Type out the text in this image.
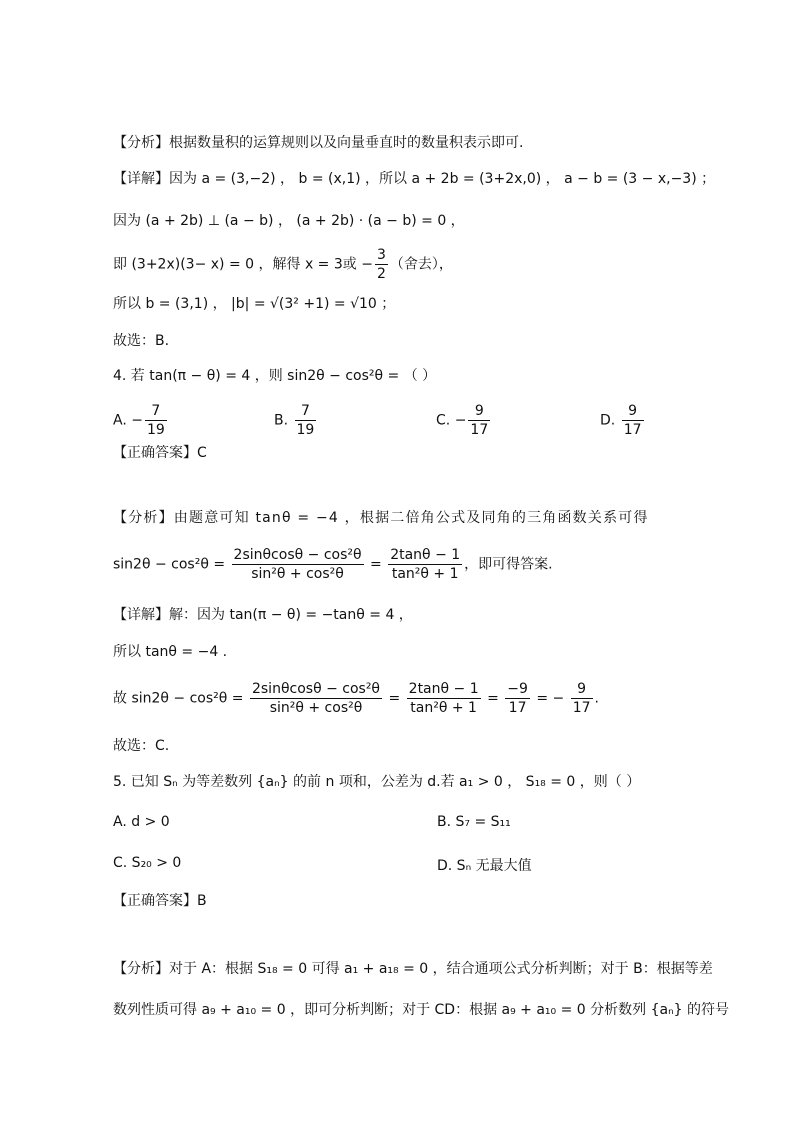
【分析】根据数量积的运算规则以及向量垂直时的数量积表示即可.
【详解】因为 a = (3,−2) ， b = (x,1) ，所以 a + 2b = (3+2x,0) ， a − b = (3 − x,−3) ；
因为 (a + 2b) ⊥ (a − b) ， (a + 2b) · (a − b) = 0 ，
即 (3+2x)(3− x) = 0 ，解得 x = 3或 − $\frac{3}{2}$ （舍去），
所以 b = (3,1) ， |b| = √(3² +1) = √10 ；
故选：B.
4. 若 tan(π − θ) = 4 ，则 sin2θ − cos²θ = （ ）
A. − $\frac{7}{19}$	B. $\frac{7}{19}$	C. − $\frac{9}{17}$	D. $\frac{9}{17}$
【正确答案】C
【分析】由题意可知 tanθ = −4 ，根据二倍角公式及同角的三角函数关系可得
$\sin 2\theta - \cos^2\theta = \frac{\text{2sinθcosθ − cos²θ}}{\text{sin²θ + cos²θ}} = \frac{2\tan\theta - 1}{\text{tan²θ + 1}}$ ，即可得答案.
【详解】解：因为 tan(π − θ) = −tanθ = 4 ，
所以 tanθ = −4 .
故 $\sin 2\theta - \cos^2\theta = \frac{\text{2sinθcosθ − cos²θ}}{\text{sin²θ + cos²θ}} = \frac{2\tan\theta - 1}{\text{tan²θ + 1}} = \frac{-9}{17}$ = − $\frac{9}{17}$ .
故选：C.
5. 已知 Sₙ 为等差数列 {aₙ} 的前 n 项和，公差为 d.若 a₁ > 0 ， S₁₈ = 0 ，则（ ）
A. d > 0	B. S₇ = S₁₁
C. S₂₀ > 0	D. Sₙ 无最大值
【正确答案】B
【分析】对于 A：根据 S₁₈ = 0 可得 a₁ + a₁₈ = 0 ，结合通项公式分析判断；对于 B：根据等差
数列性质可得 a₉ + a₁₀ = 0 ，即可分析判断；对于 CD：根据 a₉ + a₁₀ = 0 分析数列 {aₙ} 的符号
